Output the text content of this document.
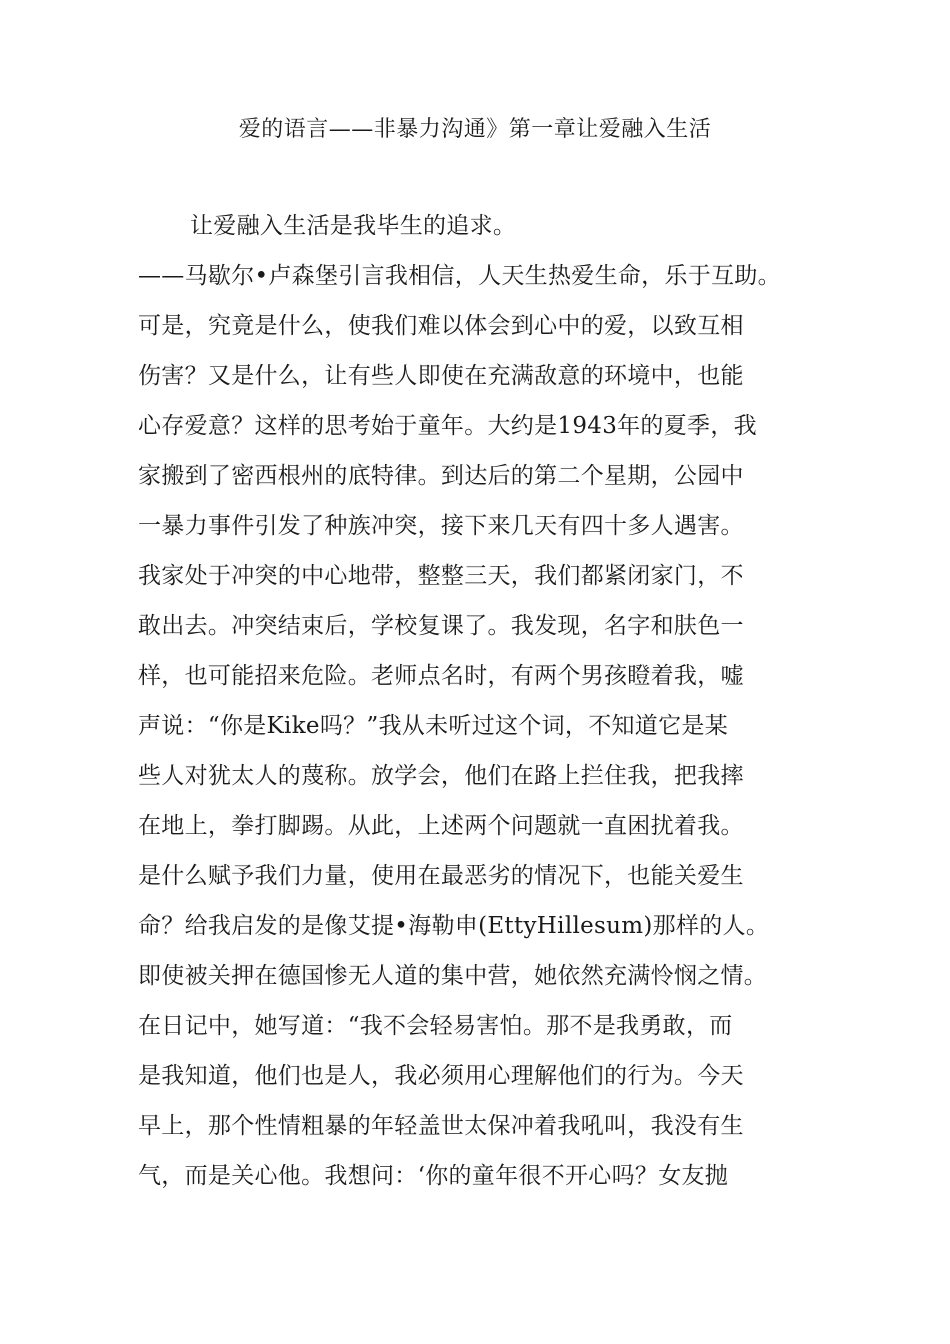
爱的语言——非暴力沟通》第一章让爱融入生活
让爱融入生活是我毕生的追求。
——马歇尔•卢森堡引言我相信，人天生热爱生命，乐于互助。
可是，究竟是什么，使我们难以体会到心中的爱，以致互相
伤害？又是什么，让有些人即使在充满敌意的环境中，也能
心存爱意？这样的思考始于童年。大约是1943年的夏季，我
家搬到了密西根州的底特律。到达后的第二个星期，公园中
一暴力事件引发了种族冲突，接下来几天有四十多人遇害。
我家处于冲突的中心地带，整整三天，我们都紧闭家门，不
敢出去。冲突结束后，学校复课了。我发现，名字和肤色一
样，也可能招来危险。老师点名时，有两个男孩瞪着我，嘘
声说：“你是Kike吗？”我从未听过这个词，不知道它是某
些人对犹太人的蔑称。放学会，他们在路上拦住我，把我摔
在地上，拳打脚踢。从此，上述两个问题就一直困扰着我。
是什么赋予我们力量，使用在最恶劣的情况下，也能关爱生
命？给我启发的是像艾提•海勒申(EttyHillesum)那样的人。
即使被关押在德国惨无人道的集中营，她依然充满怜悯之情。
在日记中，她写道：“我不会轻易害怕。那不是我勇敢，而
是我知道，他们也是人，我必须用心理解他们的行为。今天
早上，那个性情粗暴的年轻盖世太保冲着我吼叫，我没有生
气，而是关心他。我想问：‘你的童年很不开心吗？女友抛
